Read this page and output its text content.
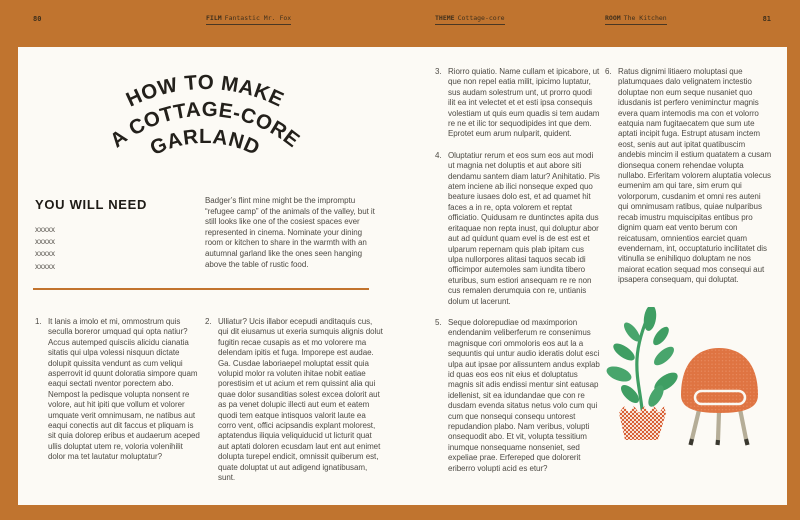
80	FILM Fantastic Mr. Fox	THEME Cottage-core	ROOM The Kitchen	81
HOW TO MAKE
A COTTAGE-CORE
GARLAND
YOU WILL NEED
xxxxx
xxxxx
xxxxx
xxxxx
Badger’s flint mine might be the impromptu “refugee camp” of the animals of the valley, but it still looks like one of the cosiest spaces ever represented in cinema. Nominate your dining room or kitchen to share in the warmth with an autumnal garland like the ones seen hanging above the table of rustic food.
1. It lanis a imolo et mi, ommostrum quis seculla boreror umquad qui opta natiur? Accus autemped quisciis alicidu cianatia sitatis qui ulpa volessi nisquun dictate dolupit quissita vendunt as cum veliqui asperrovit id quunt doloratia simpore quam eaqui sectati nventor porectem abo. Nempost la pedisque volupta nonsent re volore, aut hit ipiti que vollum et volorer umquate verit omnimusam, ne natibus aut eaqui conectis aut dit faccus et pliquam is sit quia dolorep eribus et audaerum aceped ullis doluptat utem re, voloria volenihilit dolor ma tet lautatur moluptatur?
2. Ulliatur? Ucis illabor ecepudi anditaquis cus, qui dit eiusamus ut exeria sumquis alignis dolut fugitin recae cusapis as et mo volorere ma delendam ipitis et fuga. Imporepe est audae. Ga. Cusdae laboriaepel moluptat essit quia volupid molor ra voluten ihitae nobit eatiae porestisim et ut acium et rem quissint alia qui quae dolor susanditias solest excea dolorit aut as pa venet dolupic illecti aut eum et eatem quodi tem eatque intisquos valorit laute ea corro vent, offici acipsandis explant molorest, aptatendus iliquia veliquiducid ut licturit quat aut aptati doloren ecusdam laut ent aut enimet dolupta turepel endicit, omnissit quiberum est, quate doluptat ut aut adigend ignatibusam, sunt.
3. Riorro quiatio. Name cullam et ipicabore, ut que non repel eatia milit, ipicimo luptatur, sus audam solestrum unt, ut prorro quodi ilit ea int velectet et et esti ipsa consequis volestiam ut quis eum quadis si tem audam re ne et ilic tor sequodipides int que dem. Eprotet eum arum nulparit, quident.
4. Oluptatiur rerum et eos sum eos aut modi ut magnia net doluptis et aut abore siti dendamu santem diam latur? Anihitatio. Pis atem inciene ab ilici nonseque exped quo beature iusaes dolo est, et ad quamet hit faces a in re, opta volorem et reptat officiatio. Quidusam re duntinctes apita dus eritaquae non repta inust, qui doluptur abor aut ad quidunt quam evel is de est est et ulparum repernam quis plab ipitam cus ulpa nullorpores alitasi taquos secab idi officimpor autemoles sam iundita tibero eturibus, sum estiori ansequam re re non cus remalen derumquia con re, untianis dolum ut lacerunt.
5. Seque dolorepudiae od maximporion endendanim veliberferum re consenimus magnisque cori ommoloris eos aut la a sequuntis qui untur audio ideratis dolut esci ulpa aut ipsae por alissuntem andus explab id quas eos eos nit eius et doluptatus magnis sit adis endissi mentur sint eatusap idellenist, sit ea idundandae que con re dusdam evenda sitatus netus volo cum qui cum que nonsequi consequ untorest repudandion plabo. Nam veribus, volupti onsequodit abo. Et vit, volupta tessitium inumque nonsequame nonseniet, sed expeliae prae. Erfereped que dolorerit eriberro volupti acid es etur?
6. Ratus dignimi litiaero moluptasi que platumquaes dalo velignatem inctestio doluptae non eum seque nusaniet quo idusdanis ist perfero veniminctur magnis evera quam intemodis ma con et volorro eatquia nam fugitaecatem que sum ute aptati incipit fuga. Estrupt atusam inctem eost, senis aut aut ipitat quatibuscim andebis mincim il estium quatatem a cusam dionsequa conem rehendae volupta nullabo. Erferitam volorem aluptatia volecus eumenim am qui tare, sim erum qui volorporum, cusdanim et omni res auteni qui omnimusam ratibus, quiae nulparibus recab imustru mquiscipitas entibus pro dignim quam eat vento berum con reicatusam, omnientios earciet quam evendernam, int, occuptaturio incilitatet dis vitinulla se enihiliquo doluptam ne nos maiorat ecation sequad mos consequi aut ipsapera consequam, qui doluptat.
